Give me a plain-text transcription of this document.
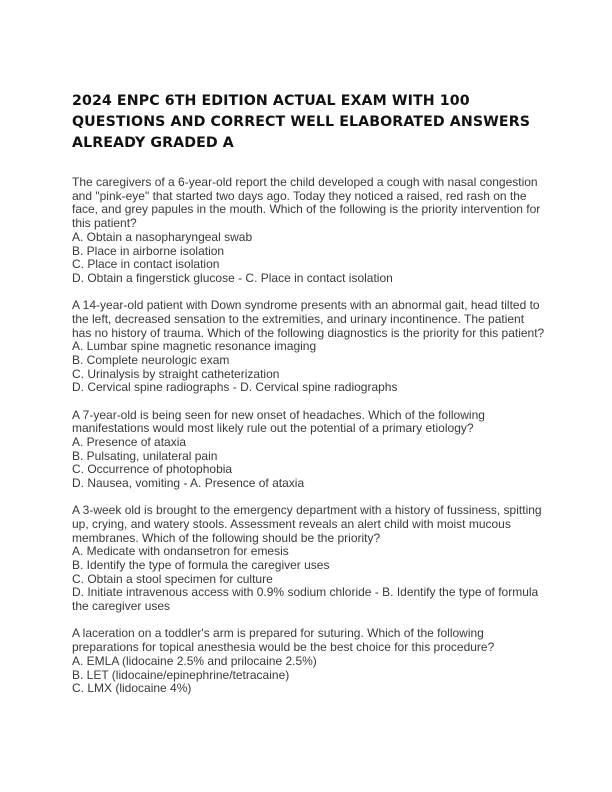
2024 ENPC 6TH EDITION ACTUAL EXAM WITH 100 QUESTIONS AND CORRECT WELL ELABORATED ANSWERS ALREADY GRADED A

The caregivers of a 6-year-old report the child developed a cough with nasal congestion and "pink-eye" that started two days ago. Today they noticed a raised, red rash on the face, and grey papules in the mouth. Which of the following is the priority intervention for this patient?

A. Obtain a nasopharyngeal swab
B. Place in airborne isolation
C. Place in contact isolation
D. Obtain a fingerstick glucose - C. Place in contact isolation

A 14-year-old patient with Down syndrome presents with an abnormal gait, head tilted to the left, decreased sensation to the extremities, and urinary incontinence. The patient has no history of trauma. Which of the following diagnostics is the priority for this patient?

A. Lumbar spine magnetic resonance imaging
B. Complete neurologic exam
C. Urinalysis by straight catheterization
D. Cervical spine radiographs - D. Cervical spine radiographs

A 7-year-old is being seen for new onset of headaches. Which of the following manifestations would most likely rule out the potential of a primary etiology?

A. Presence of ataxia
B. Pulsating, unilateral pain
C. Occurrence of photophobia
D. Nausea, vomiting - A. Presence of ataxia

A 3-week old is brought to the emergency department with a history of fussiness, spitting up, crying, and watery stools. Assessment reveals an alert child with moist mucous membranes. Which of the following should be the priority?

A. Medicate with ondansetron for emesis
B. Identify the type of formula the caregiver uses
C. Obtain a stool specimen for culture
D. Initiate intravenous access with 0.9% sodium chloride - B. Identify the type of formula the caregiver uses

A laceration on a toddler's arm is prepared for suturing. Which of the following preparations for topical anesthesia would be the best choice for this procedure?

A. EMLA (lidocaine 2.5% and prilocaine 2.5%)
B. LET (lidocaine/epinephrine/tetracaine)
C. LMX (lidocaine 4%)
